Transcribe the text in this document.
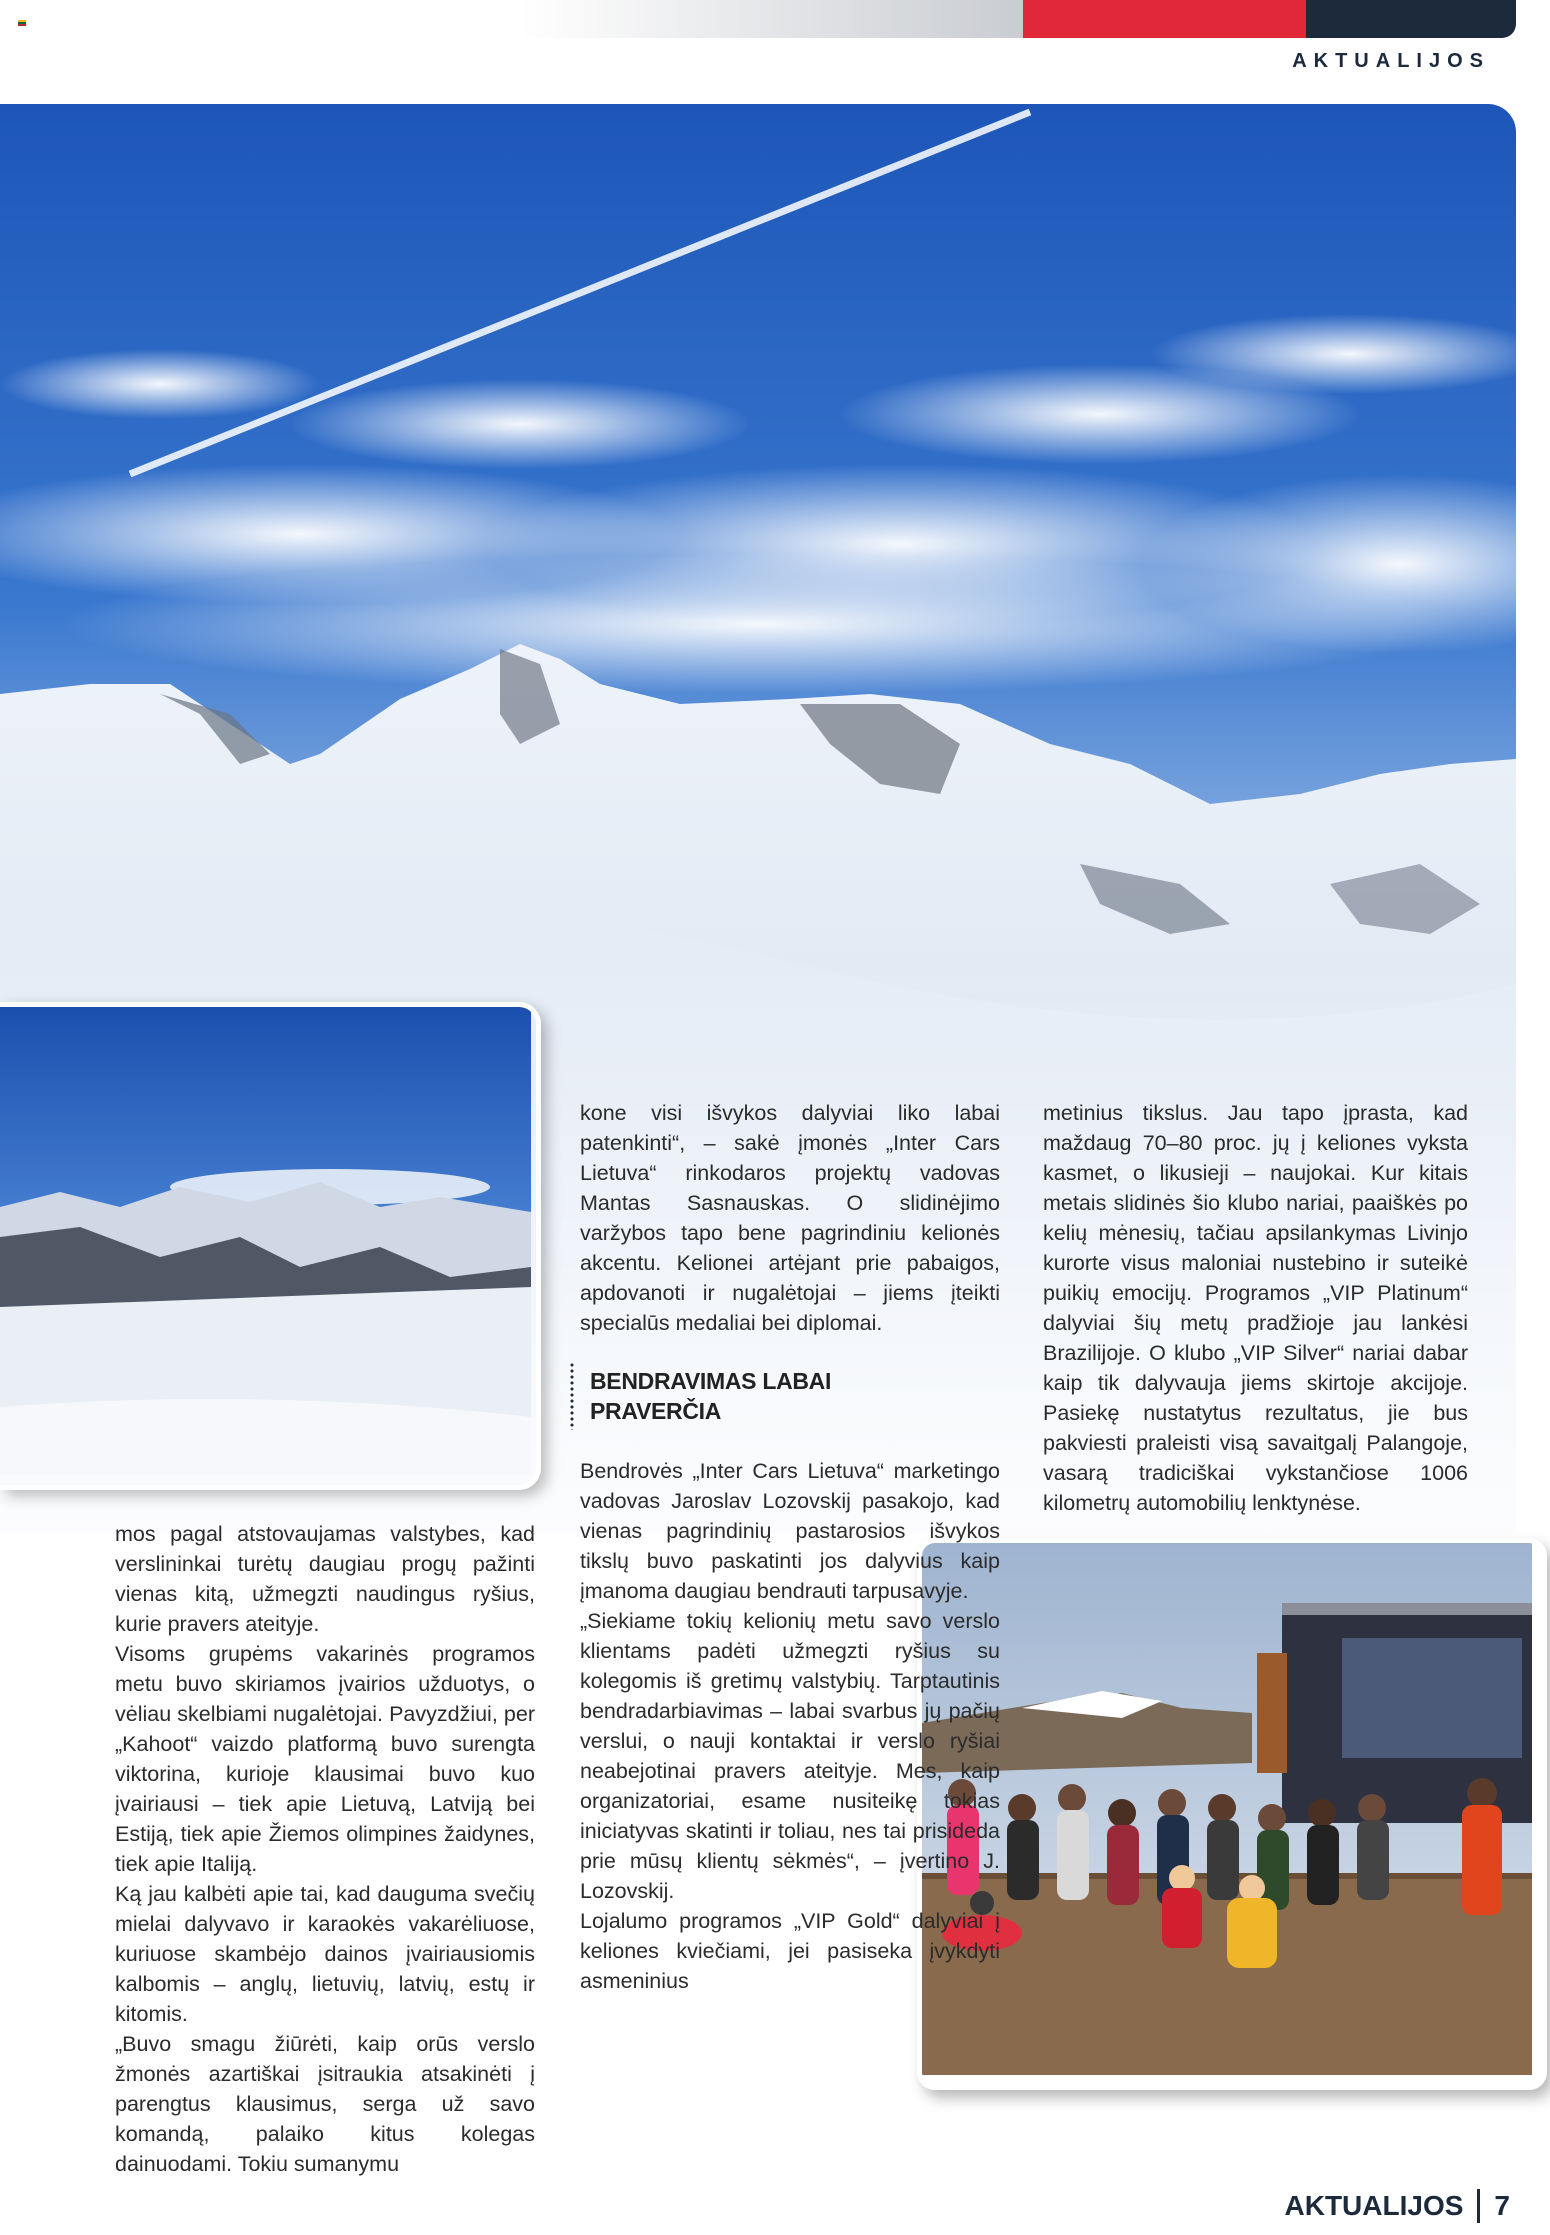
AKTUALIJOS

mos pagal atstovaujamas valstybes, kad verslininkai turėtų daugiau progų pažinti vienas kitą, užmegzti naudingus ryšius, kurie pravers ateityje.

Visoms grupėms vakarinės programos metu buvo skiriamos įvairios užduotys, o vėliau skelbiami nugalėtojai. Pavyzdžiui, per „Kahoot“ vaizdo platformą buvo surengta viktorina, kurioje klausimai buvo kuo įvairiausi – tiek apie Lietuvą, Latviją bei Estiją, tiek apie Žiemos olimpines žaidynes, tiek apie Italiją.

Ką jau kalbėti apie tai, kad dauguma svečių mielai dalyvavo ir karaokės vakarėliuose, kuriuose skambėjo dainos įvairiausiomis kalbomis – anglų, lietuvių, latvių, estų ir kitomis.

„Buvo smagu žiūrėti, kaip orūs verslo žmonės azartiškai įsitraukia atsakinėti į parengtus klausimus, serga už savo komandą, palaiko kitus kolegas dainuodami. Tokiu sumanymu

kone visi išvykos dalyviai liko labai patenkinti“, – sakė įmonės „Inter Cars Lietuva“ rinkodaros projektų vadovas Mantas Sasnauskas. O slidinėjimo varžybos tapo bene pagrindiniu kelionės akcentu. Kelionei artėjant prie pabaigos, apdovanoti ir nugalėtojai – jiems įteikti specialūs medaliai bei diplomai.

BENDRAVIMAS LABAI
PRAVERČIA

Bendrovės „Inter Cars Lietuva“ marketingo vadovas Jaroslav Lozovskij pasakojo, kad vienas pagrindinių pastarosios išvykos tikslų buvo paskatinti jos dalyvius kaip įmanoma daugiau bendrauti tarpusavyje.

„Siekiame tokių kelionių metu savo verslo klientams padėti užmegzti ryšius su kolegomis iš gretimų valstybių. Tarptautinis bendradarbiavimas – labai svarbus jų pačių verslui, o nauji kontaktai ir verslo ryšiai neabejotinai pravers ateityje. Mes, kaip organizatoriai, esame nusiteikę tokias iniciatyvas skatinti ir toliau, nes tai prisideda prie mūsų klientų sėkmės“, – įvertino J. Lozovskij.

Lojalumo programos „VIP Gold“ dalyviai į keliones kviečiami, jei pasiseka įvykdyti asmeninius

metinius tikslus. Jau tapo įprasta, kad maždaug 70–80 proc. jų į keliones vyksta kasmet, o likusieji – naujokai. Kur kitais metais slidinės šio klubo nariai, paaiškės po kelių mėnesių, tačiau apsilankymas Livinjo kurorte visus maloniai nustebino ir suteikė puikių emocijų. Programos „VIP Platinum“ dalyviai šių metų pradžioje jau lankėsi Brazilijoje. O klubo „VIP Silver“ nariai dabar kaip tik dalyvauja jiems skirtoje akcijoje. Pasiekę nustatytus rezultatus, jie bus pakviesti praleisti visą savaitgalį Palangoje, vasarą tradiciškai vykstančiose 1006 kilometrų automobilių lenktynėse.

AKTUALIJOS 7
